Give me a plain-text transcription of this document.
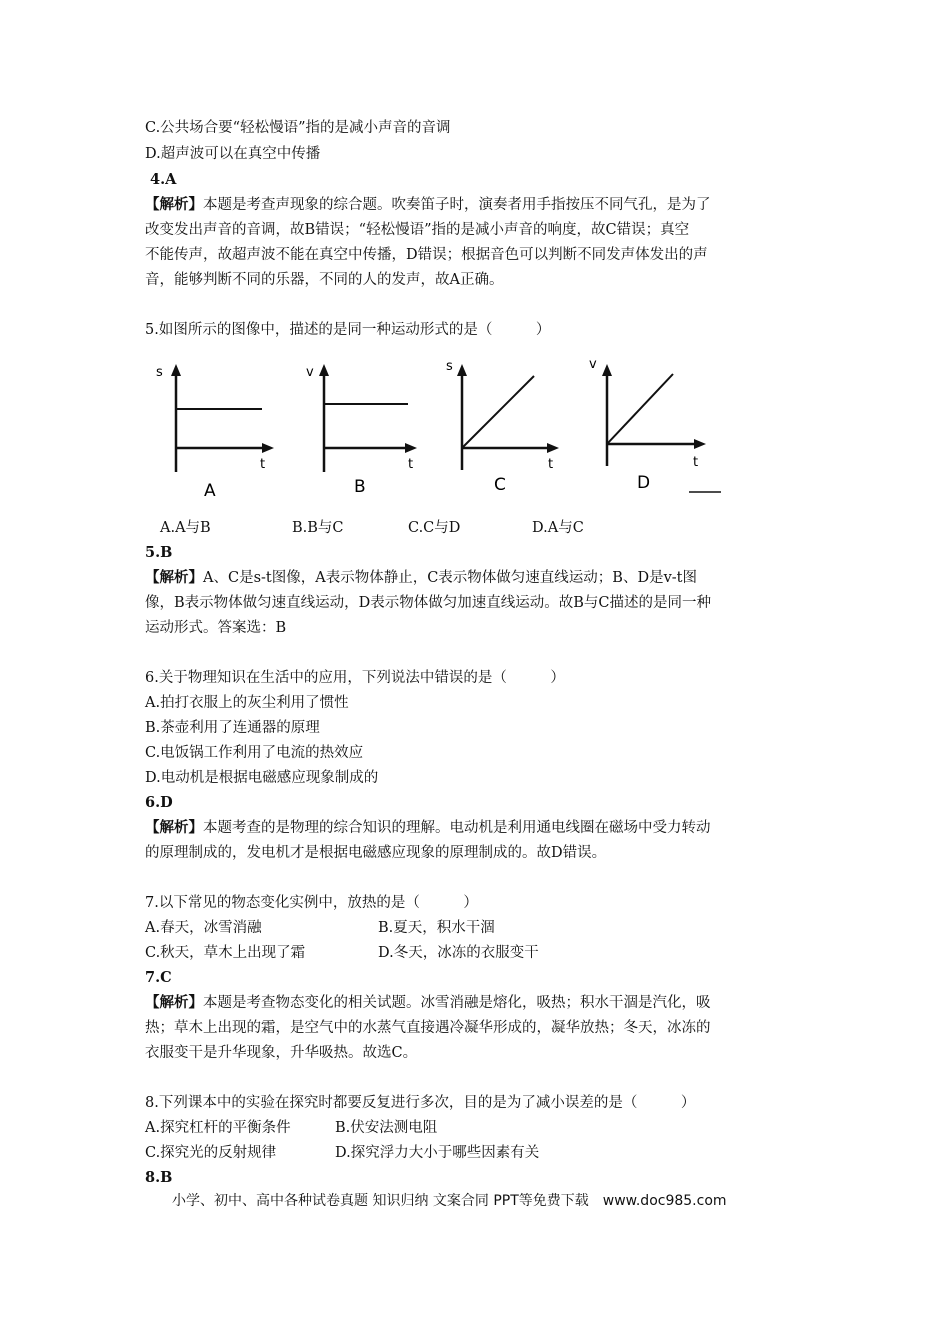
C.公共场合要“轻松慢语”指的是减小声音的音调
D.超声波可以在真空中传播
4.A
【解析】本题是考查声现象的综合题。吹奏笛子时，演奏者用手指按压不同气孔，是为了
改变发出声音的音调，故B错误；“轻松慢语”指的是减小声音的响度，故C错误；真空
不能传声，故超声波不能在真空中传播，D错误；根据音色可以判断不同发声体发出的声
音，能够判断不同的乐器，不同的人的发声，故A正确。
5.如图所示的图像中，描述的是同一种运动形式的是（　　　）
s
t
A
v
t
B
s
t
C
v
t
D
A.A与B	B.B与C	C.C与D	D.A与C
5.B
【解析】A、C是s-t图像，A表示物体静止，C表示物体做匀速直线运动；B、D是v-t图
像，B表示物体做匀速直线运动，D表示物体做匀加速直线运动。故B与C描述的是同一种
运动形式。答案选：B
6.关于物理知识在生活中的应用，下列说法中错误的是（　　　）
A.拍打衣服上的灰尘利用了惯性
B.茶壶利用了连通器的原理
C.电饭锅工作利用了电流的热效应
D.电动机是根据电磁感应现象制成的
6.D
【解析】本题考查的是物理的综合知识的理解。电动机是利用通电线圈在磁场中受力转动
的原理制成的，发电机才是根据电磁感应现象的原理制成的。故D错误。
7.以下常见的物态变化实例中，放热的是（　　　）
A.春天，冰雪消融	B.夏天，积水干涸
C.秋天，草木上出现了霜	D.冬天，冰冻的衣服变干
7.C
【解析】本题是考查物态变化的相关试题。冰雪消融是熔化，吸热；积水干涸是汽化，吸
热；草木上出现的霜，是空气中的水蒸气直接遇冷凝华形成的，凝华放热；冬天，冰冻的
衣服变干是升华现象，升华吸热。故选C。
8.下列课本中的实验在探究时都要反复进行多次，目的是为了减小误差的是（　　　）
A.探究杠杆的平衡条件	B.伏安法测电阻
C.探究光的反射规律	D.探究浮力大小于哪些因素有关
8.B
小学、初中、高中各种试卷真题 知识归纳 文案合同 PPT等免费下载　www.doc985.com
